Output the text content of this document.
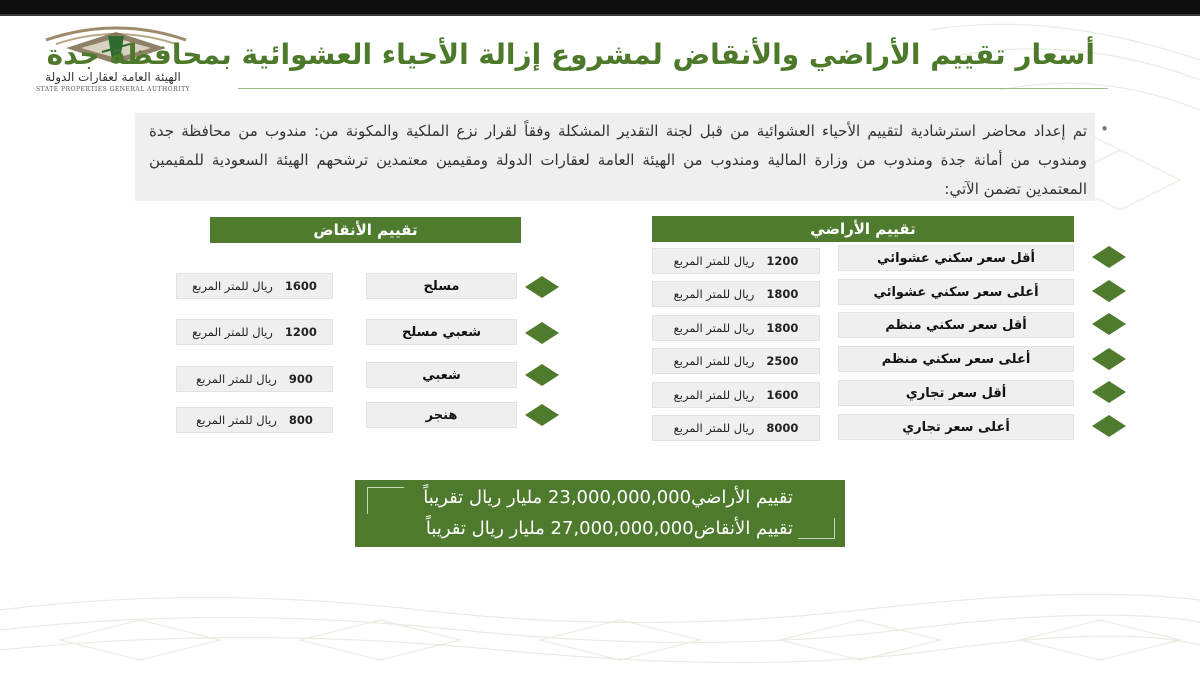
الهيئة العامة لعقارات الدولة
STATE PROPERTIES GENERAL AUTHORITY
أسعار تقييم الأراضي والأنقاض لمشروع إزالة الأحياء العشوائية بمحافظة جدة
•

تم إعداد محاضر استرشادية لتقييم الأحياء العشوائية من قبل لجنة التقدير المشكلة وفقاً لقرار نزع الملكية والمكونة من: مندوب من محافظة جدة ومندوب من أمانة جدة ومندوب من وزارة المالية ومندوب من الهيئة العامة لعقارات الدولة ومقيمين معتمدين ترشحهم الهيئة السعودية للمقيمين المعتمدين تضمن الآتي:

تقييم الأراضي
أقل سعر سكني عشوائي
1200
ريال للمتر المربع
أعلى سعر سكني عشوائي
1800
ريال للمتر المربع
أقل سعر سكني منظم
1800
ريال للمتر المربع
أعلى سعر سكني منظم
2500
ريال للمتر المربع
أقل سعر تجاري
1600
ريال للمتر المربع
أعلى سعر تجاري
8000
ريال للمتر المربع
تقييم الأنقاض
مسلح
1600
ريال للمتر المربع
شعبي مسلح
1200
ريال للمتر المربع
شعبي
900
ريال للمتر المربع
هنجر
800
ريال للمتر المربع
تقييم الأراضي23,000,000,000 مليار ريال تقريباً
تقييم الأنقاض27,000,000,000 مليار ريال تقريباً
